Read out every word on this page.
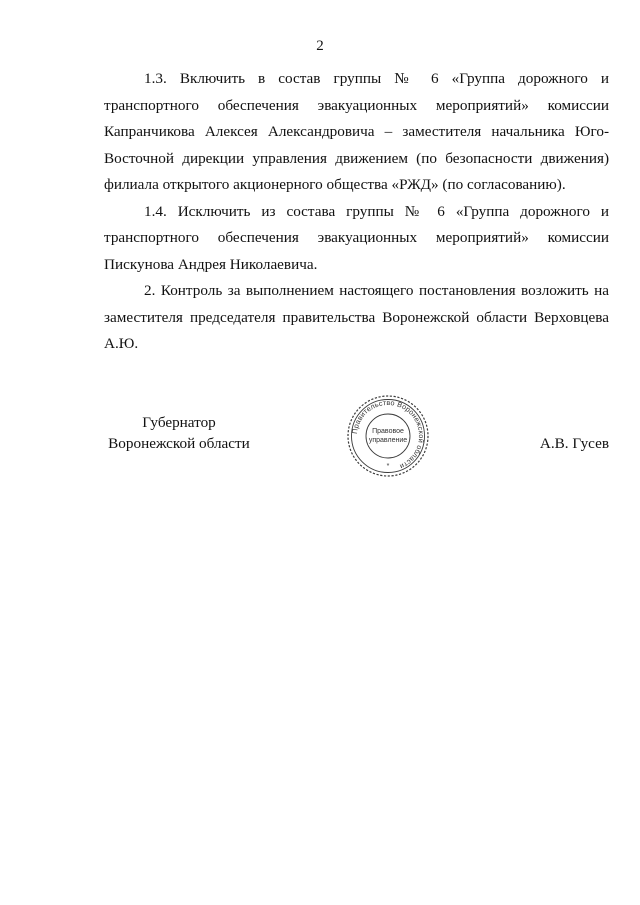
2

1.3. Включить в состав группы № 6 «Группа дорожного и транспортного обеспечения эвакуационных мероприятий» комиссии Капранчикова Алексея Александровича – заместителя начальника Юго-Восточной дирекции управления движением (по безопасности движения) филиала открытого акционерного общества «РЖД» (по согласованию).

1.4. Исключить из состава группы № 6 «Группа дорожного и транспортного обеспечения эвакуационных мероприятий» комиссии Пискунова Андрея Николаевича.

2. Контроль за выполнением настоящего постановления возложить на заместителя председателя правительства Воронежской области Верховцева А.Ю.

Губернатор
Воронежской области
Правительство Воронежской области
Правовое
управление
*
А.В. Гусев
